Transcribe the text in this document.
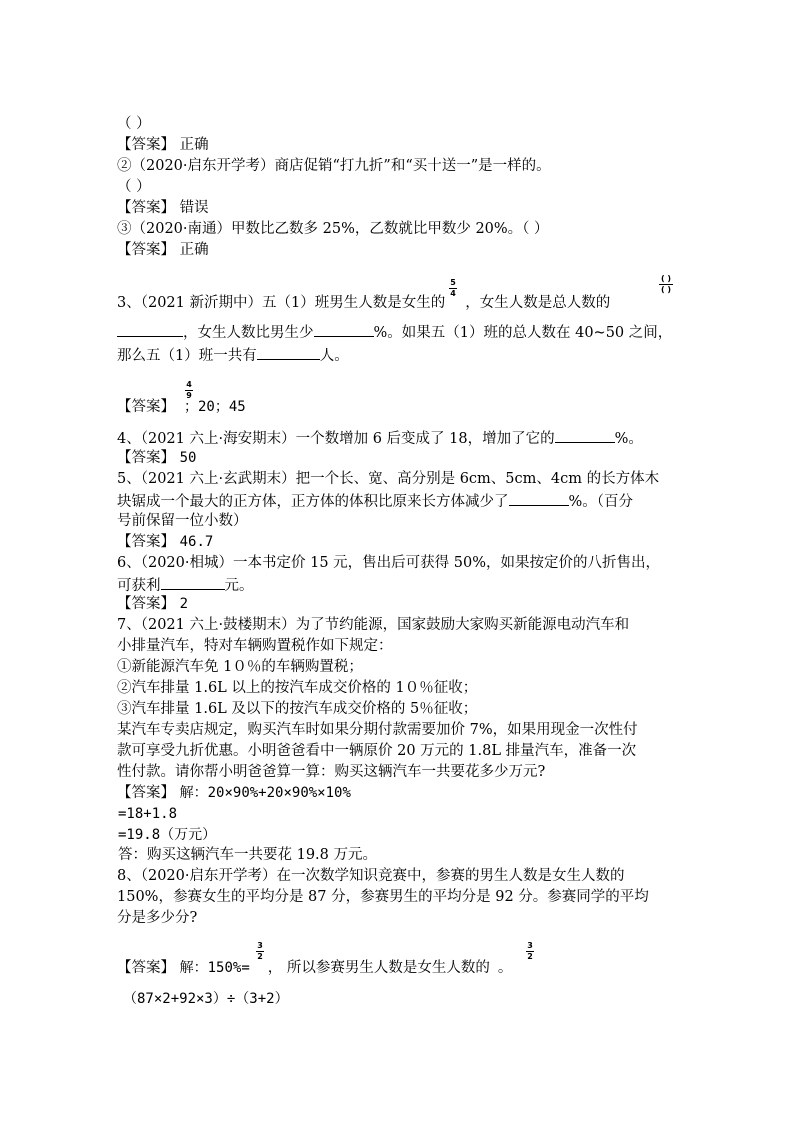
（ ）
【答案】 正确
②（2020·启东开学考）商店促销“打九折”和“买十送一”是一样的。
（ ）
【答案】 错误
③（2020·南通）甲数比乙数多 25%，乙数就比甲数少 20%。（ ）
【答案】 正确
3、（2021 新沂期中）五（1）班男生人数是女生的 ，女生人数是总人数的
5
4
( )
( )
，女生人数比男生少	%。如果五（1）班的总人数在 40~50 之间，
那么五（1）班一共有	人。
【答案】 ；20；45
4
9
4、（2021 六上·海安期末）一个数增加 6 后变成了 18，增加了它的	%。
【答案】 50
5、（2021 六上·玄武期末）把一个长、宽、高分别是 6cm、5cm、4cm 的长方体木
块锯成一个最大的正方体，正方体的体积比原来长方体减少了	%。（百分
号前保留一位小数）
【答案】 46.7
6、（2020·相城）一本书定价 15 元，售出后可获得 50%，如果按定价的八折售出，
可获利	元。
【答案】 2
7、（2021 六上·鼓楼期末）为了节约能源，国家鼓励大家购买新能源电动汽车和
小排量汽车，特对车辆购置税作如下规定：
①新能源汽车免 1０％的车辆购置税；
②汽车排量 1.6L 以上的按汽车成交价格的 1０％征收；
③汽车排量 1.6L 及以下的按汽车成交价格的 5％征收；
某汽车专卖店规定，购买汽车时如果分期付款需要加价 7%，如果用现金一次性付
款可享受九折优惠。小明爸爸看中一辆原价 20 万元的 1.8L 排量汽车，准备一次
性付款。请你帮小明爸爸算一算：购买这辆汽车一共要花多少万元?
【答案】 解：20×90%+20×90%×10%
=18+1.8
=19.8（万元）
答：购买这辆汽车一共要花 19.8 万元。
8、（2020·启东开学考）在一次数学知识竞赛中，参赛的男生人数是女生人数的
150%，参赛女生的平均分是 87 分，参赛男生的平均分是 92 分。参赛同学的平均
分是多少分?
【答案】 解：150%= ， 所以参赛男生人数是女生人数的 。
3
2
3
2
（87×2+92×3）÷（3+2）
